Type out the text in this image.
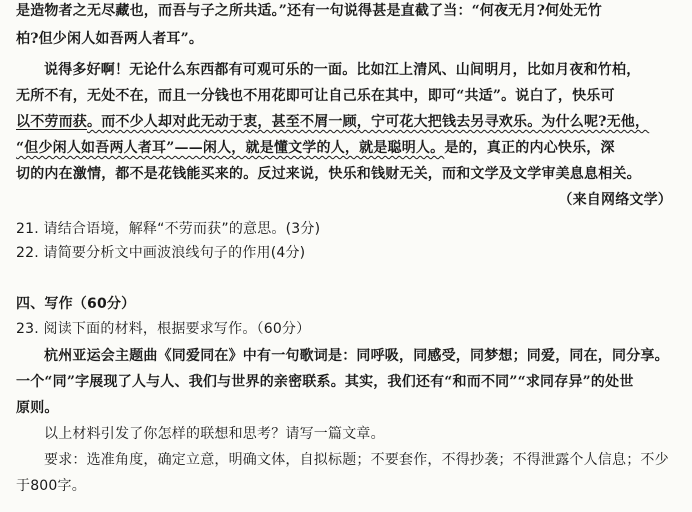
是造物者之无尽藏也，而吾与子之所共适。”还有一句说得甚是直截了当：“何夜无月?何处无竹
柏?但少闲人如吾两人者耳”。
说得多好啊！无论什么东西都有可观可乐的一面。比如江上清风、山间明月，比如月夜和竹柏，
无所不有，无处不在，而且一分钱也不用花即可让自己乐在其中，即可“共适”。说白了，快乐可
以不劳而获。而不少人却对此无动于衷，甚至不屑一顾，宁可花大把钱去另寻欢乐。为什么呢?无他，
“但少闲人如吾两人者耳”——闲人，就是懂文学的人，就是聪明人。是的，真正的内心快乐，深
切的内在激情，都不是花钱能买来的。反过来说，快乐和钱财无关，而和文学及文学审美息息相关。
（来自网络文学）
21. 请结合语境，解释“不劳而获”的意思。(3分)
22. 请简要分析文中画波浪线句子的作用(4分)
四、写作（60分）
23. 阅读下面的材料，根据要求写作。（60分）
杭州亚运会主题曲《同爱同在》中有一句歌词是：同呼吸，同感受，同梦想；同爱，同在，同分享。
一个“同”字展现了人与人、我们与世界的亲密联系。其实，我们还有“和而不同”“求同存异”的处世
原则。
以上材料引发了你怎样的联想和思考？请写一篇文章。
要求：选准角度，确定立意，明确文体，自拟标题；不要套作，不得抄袭；不得泄露个人信息；不少
于800字。
